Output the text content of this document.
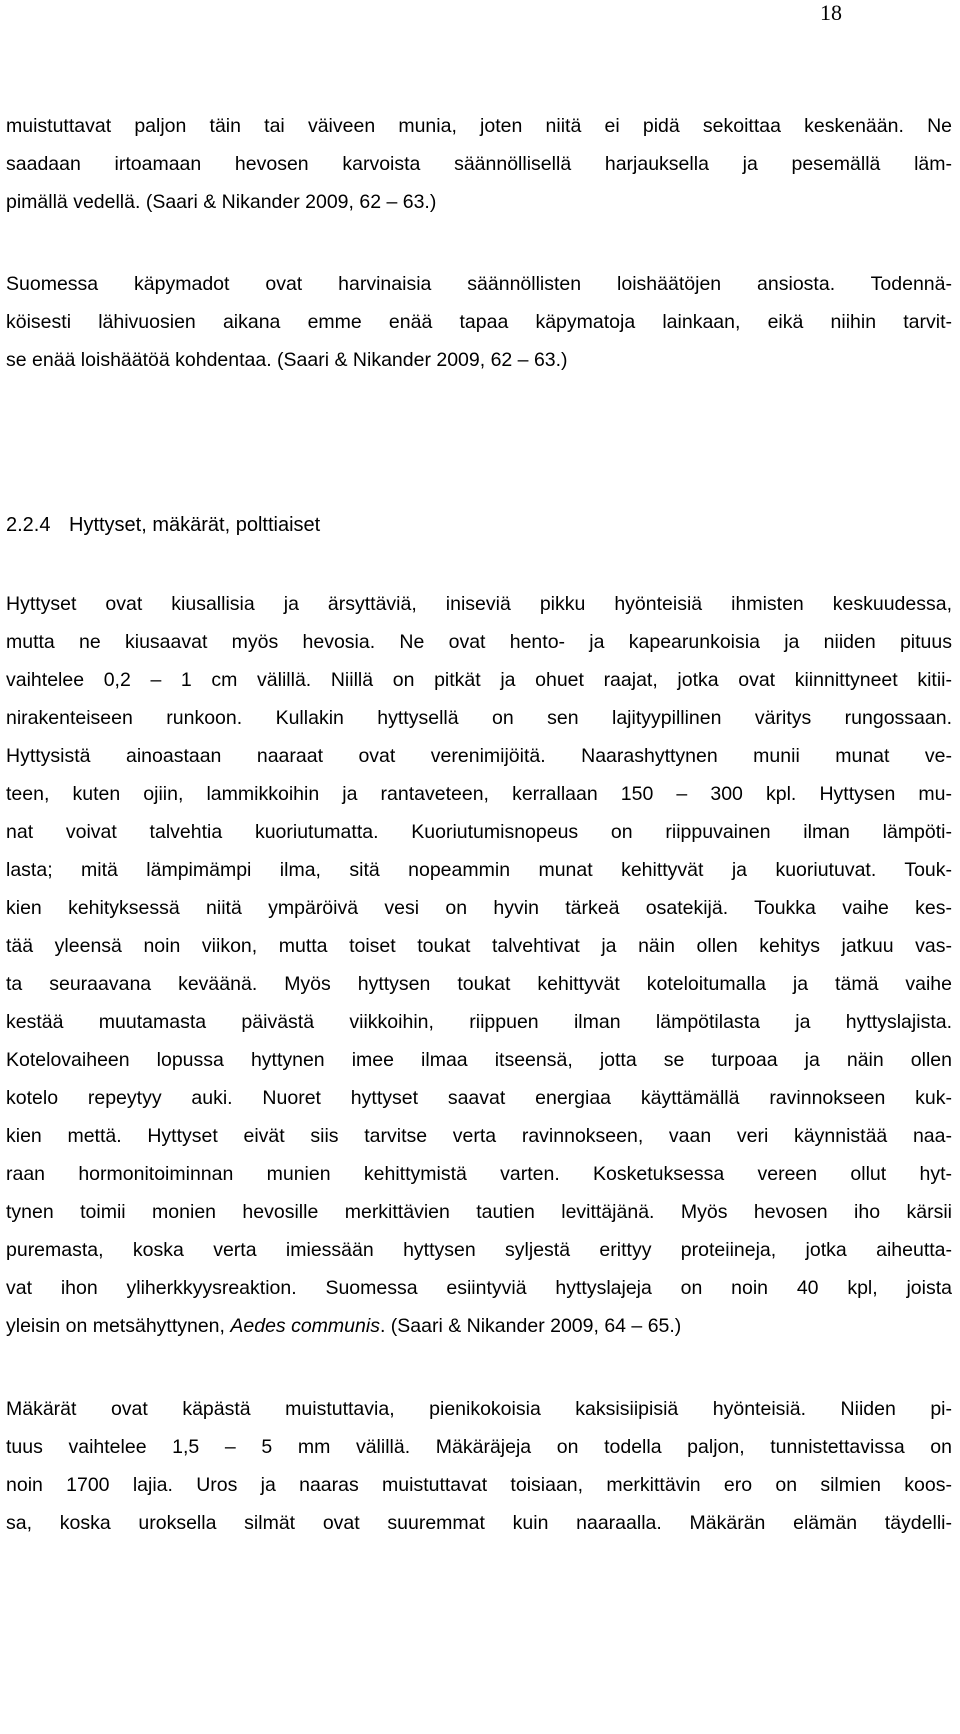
18
muistuttavat paljon täin tai väiveen munia, joten niitä ei pidä sekoittaa keskenään. Ne
saadaan irtoamaan hevosen karvoista säännöllisellä harjauksella ja pesemällä läm-
pimällä vedellä. (Saari & Nikander 2009, 62 – 63.)
Suomessa käpymadot ovat harvinaisia säännöllisten loishäätöjen ansiosta. Todennä-
köisesti lähivuosien aikana emme enää tapaa käpymatoja lainkaan, eikä niihin tarvit-
se enää loishäätöä kohdentaa. (Saari & Nikander 2009, 62 – 63.)
2.2.4 Hyttyset, mäkärät, polttiaiset
Hyttyset ovat kiusallisia ja ärsyttäviä, iniseviä pikku hyönteisiä ihmisten keskuudessa,
mutta ne kiusaavat myös hevosia. Ne ovat hento- ja kapearunkoisia ja niiden pituus
vaihtelee 0,2 – 1 cm välillä. Niillä on pitkät ja ohuet raajat, jotka ovat kiinnittyneet kitii-
nirakenteiseen runkoon. Kullakin hyttysellä on sen lajityypillinen väritys rungossaan.
Hyttysistä ainoastaan naaraat ovat verenimijöitä. Naarashyttynen munii munat ve-
teen, kuten ojiin, lammikkoihin ja rantaveteen, kerrallaan 150 – 300 kpl. Hyttysen mu-
nat voivat talvehtia kuoriutumatta. Kuoriutumisnopeus on riippuvainen ilman lämpöti-
lasta; mitä lämpimämpi ilma, sitä nopeammin munat kehittyvät ja kuoriutuvat. Touk-
kien kehityksessä niitä ympäröivä vesi on hyvin tärkeä osatekijä. Toukka vaihe kes-
tää yleensä noin viikon, mutta toiset toukat talvehtivat ja näin ollen kehitys jatkuu vas-
ta seuraavana keväänä. Myös hyttysen toukat kehittyvät koteloitumalla ja tämä vaihe
kestää muutamasta päivästä viikkoihin, riippuen ilman lämpötilasta ja hyttyslajista.
Kotelovaiheen lopussa hyttynen imee ilmaa itseensä, jotta se turpoaa ja näin ollen
kotelo repeytyy auki. Nuoret hyttyset saavat energiaa käyttämällä ravinnokseen kuk-
kien mettä. Hyttyset eivät siis tarvitse verta ravinnokseen, vaan veri käynnistää naa-
raan hormonitoiminnan munien kehittymistä varten. Kosketuksessa vereen ollut hyt-
tynen toimii monien hevosille merkittävien tautien levittäjänä. Myös hevosen iho kärsii
puremasta, koska verta imiessään hyttysen syljestä erittyy proteiineja, jotka aiheutta-
vat ihon yliherkkyysreaktion. Suomessa esiintyviä hyttyslajeja on noin 40 kpl, joista
yleisin on metsähyttynen, Aedes communis. (Saari & Nikander 2009, 64 – 65.)
Mäkärät ovat käpästä muistuttavia, pienikokoisia kaksisiipisiä hyönteisiä. Niiden pi-
tuus vaihtelee 1,5 – 5 mm välillä. Mäkäräjeja on todella paljon, tunnistettavissa on
noin 1700 lajia. Uros ja naaras muistuttavat toisiaan, merkittävin ero on silmien koos-
sa, koska uroksella silmät ovat suuremmat kuin naaraalla. Mäkärän elämän täydelli-
